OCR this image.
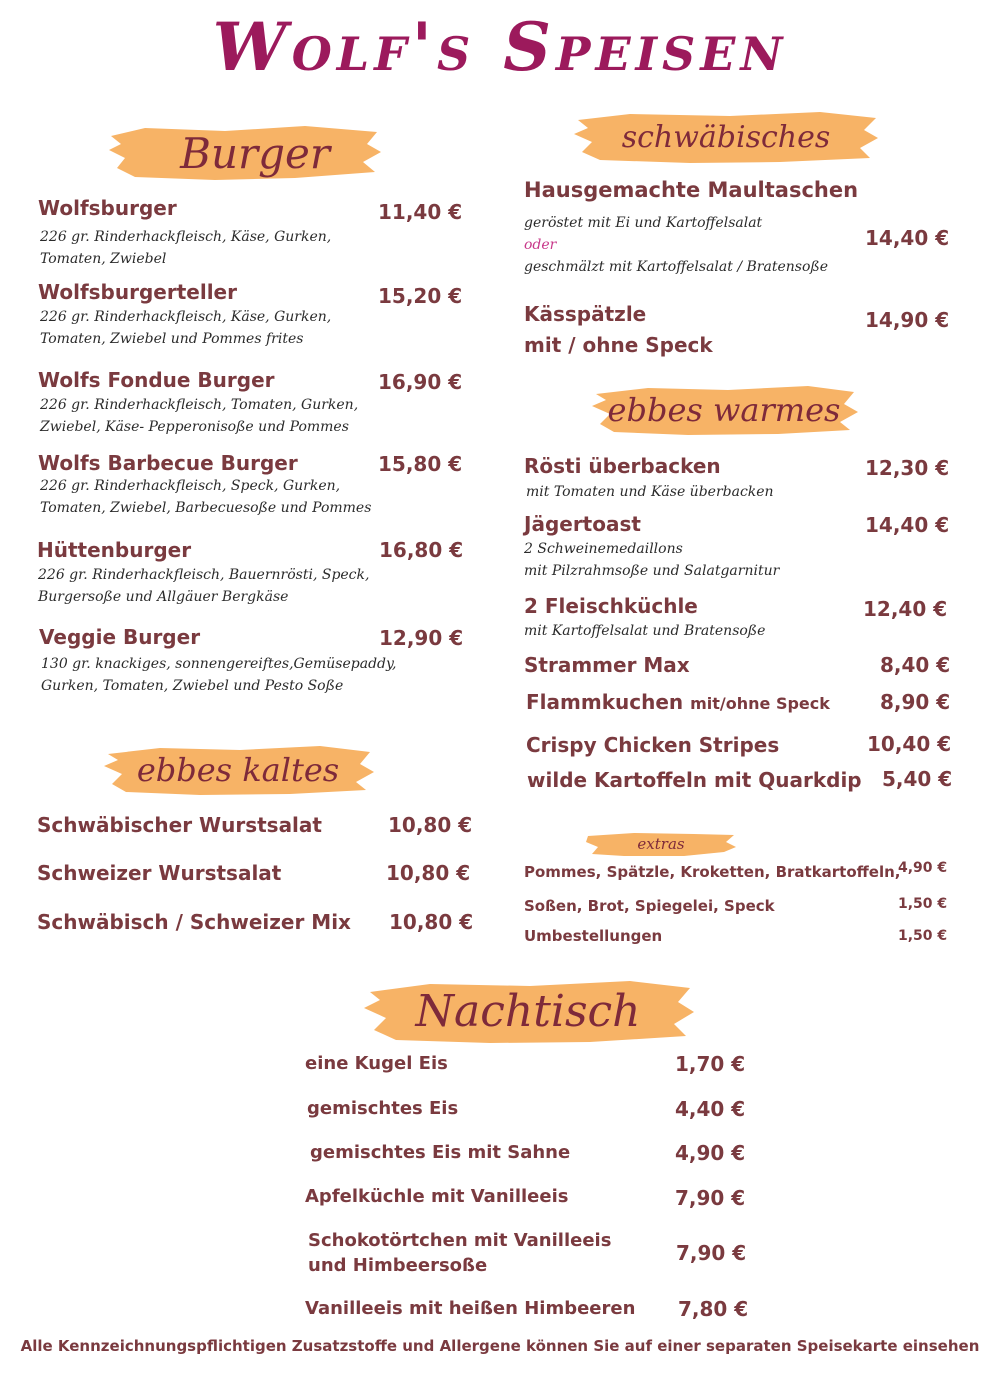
Wolf's Speisen
Burger	schwäbisches
ebbes warmes
ebbes kaltes
extras
Nachtisch
Wolfsburger	11,40 €
226 gr. Rinderhackfleisch, Käse, Gurken,
Tomaten, Zwiebel
Wolfsburgerteller	15,20 €
226 gr. Rinderhackfleisch, Käse, Gurken,
Tomaten, Zwiebel und Pommes frites
Wolfs Fondue Burger	16,90 €
226 gr. Rinderhackfleisch, Tomaten, Gurken,
Zwiebel, Käse- Pepperonisoße und Pommes
Wolfs Barbecue Burger	15,80 €
226 gr. Rinderhackfleisch, Speck, Gurken,
Tomaten, Zwiebel, Barbecuesoße und Pommes
Hüttenburger	16,80 €
226 gr. Rinderhackfleisch, Bauernrösti, Speck,
Burgersoße und Allgäuer Bergkäse
Veggie Burger	12,90 €
130 gr. knackiges, sonnengereiftes,Gemüsepaddy,
Gurken, Tomaten, Zwiebel und Pesto Soße
Schwäbischer Wurstsalat	10,80 €
Schweizer Wurstsalat	10,80 €
Schwäbisch / Schweizer Mix 10,80 €
Hausgemachte Maultaschen
geröstet mit Ei und Kartoffelsalat
oder
geschmälzt mit Kartoffelsalat / Bratensoße
14,40 €
Kässpätzle
mit / ohne Speck
14,90 €
Rösti überbacken	12,30 €
mit Tomaten und Käse überbacken
Jägertoast	14,40 €
2 Schweinemedaillons
mit Pilzrahmsoße und Salatgarnitur
2 Fleischküchle	12,40 €
mit Kartoffelsalat und Bratensoße
Strammer Max	8,40 €
Flammkuchen mit/ohne Speck	8,90 €
Crispy Chicken Stripes	10,40 €
wilde Kartoffeln mit Quarkdip 5,40 €
Pommes, Spätzle, Kroketten, Bratkartoffeln,
4,90 €
Soßen, Brot, Spiegelei, Speck	1,50 €
Umbestellungen	1,50 €
eine Kugel Eis	1,70 €
gemischtes Eis	4,40 €
gemischtes Eis mit Sahne	4,90 €
Apfelküchle mit Vanilleeis	7,90 €
Schokotörtchen mit Vanilleeis
und Himbeersoße
7,90 €
Vanilleeis mit heißen Himbeeren 7,80 €
Alle Kennzeichnungspflichtigen Zusatzstoffe und Allergene können Sie auf einer separaten Speisekarte einsehen
